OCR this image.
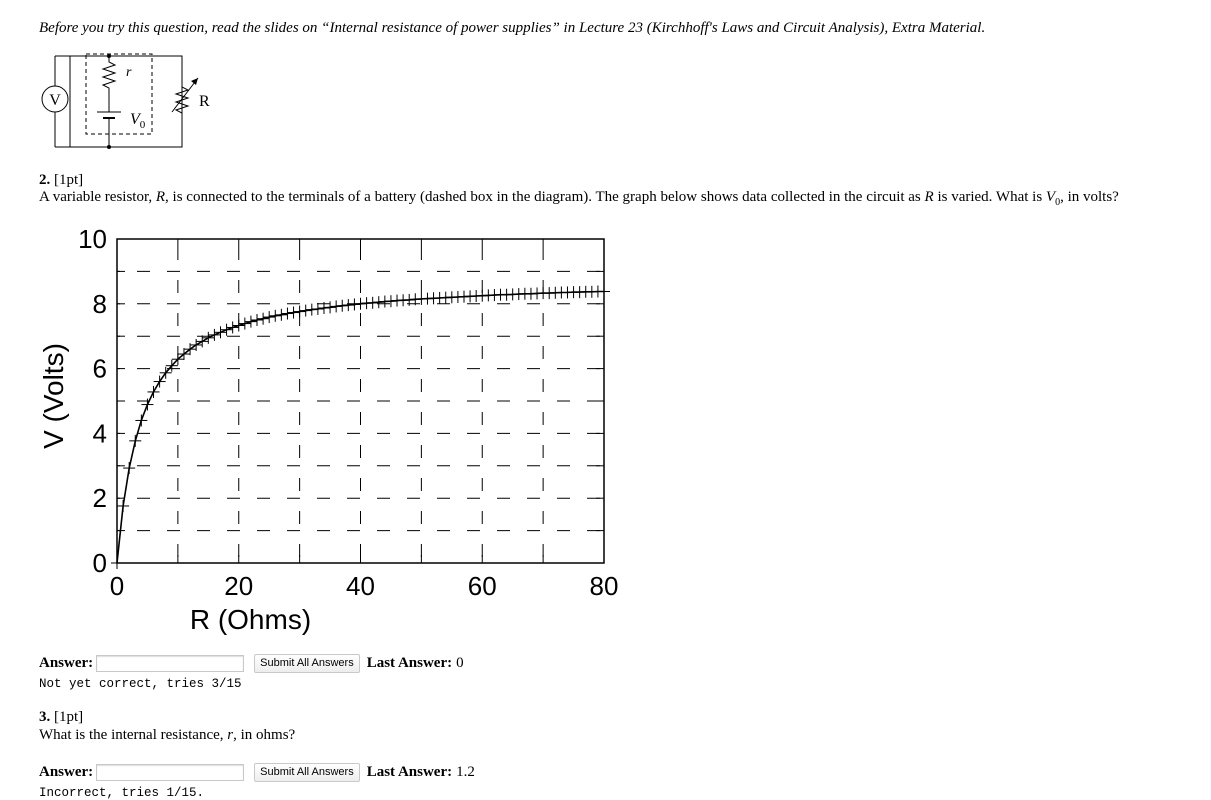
Before you try this question, read the slides on “Internal resistance of power supplies” in Lecture 23 (Kirchhoff's Laws and Circuit Analysis), Extra Material.
V
r
$V_0$
R
2. [1pt]
A variable resistor, R, is connected to the terminals of a battery (dashed box in the diagram). The graph below shows data collected in the circuit as R is varied. What is $V_0$, in volts?
0	20	40	60	80
0
2
4
6
8
10
R (Ohms)
V (Volts)
Answer:	Submit All Answers Last Answer: 0
Not yet correct, tries 3/15
3. [1pt]
What is the internal resistance, r, in ohms?
Answer:	Submit All Answers Last Answer: 1.2
Incorrect, tries 1/15.
